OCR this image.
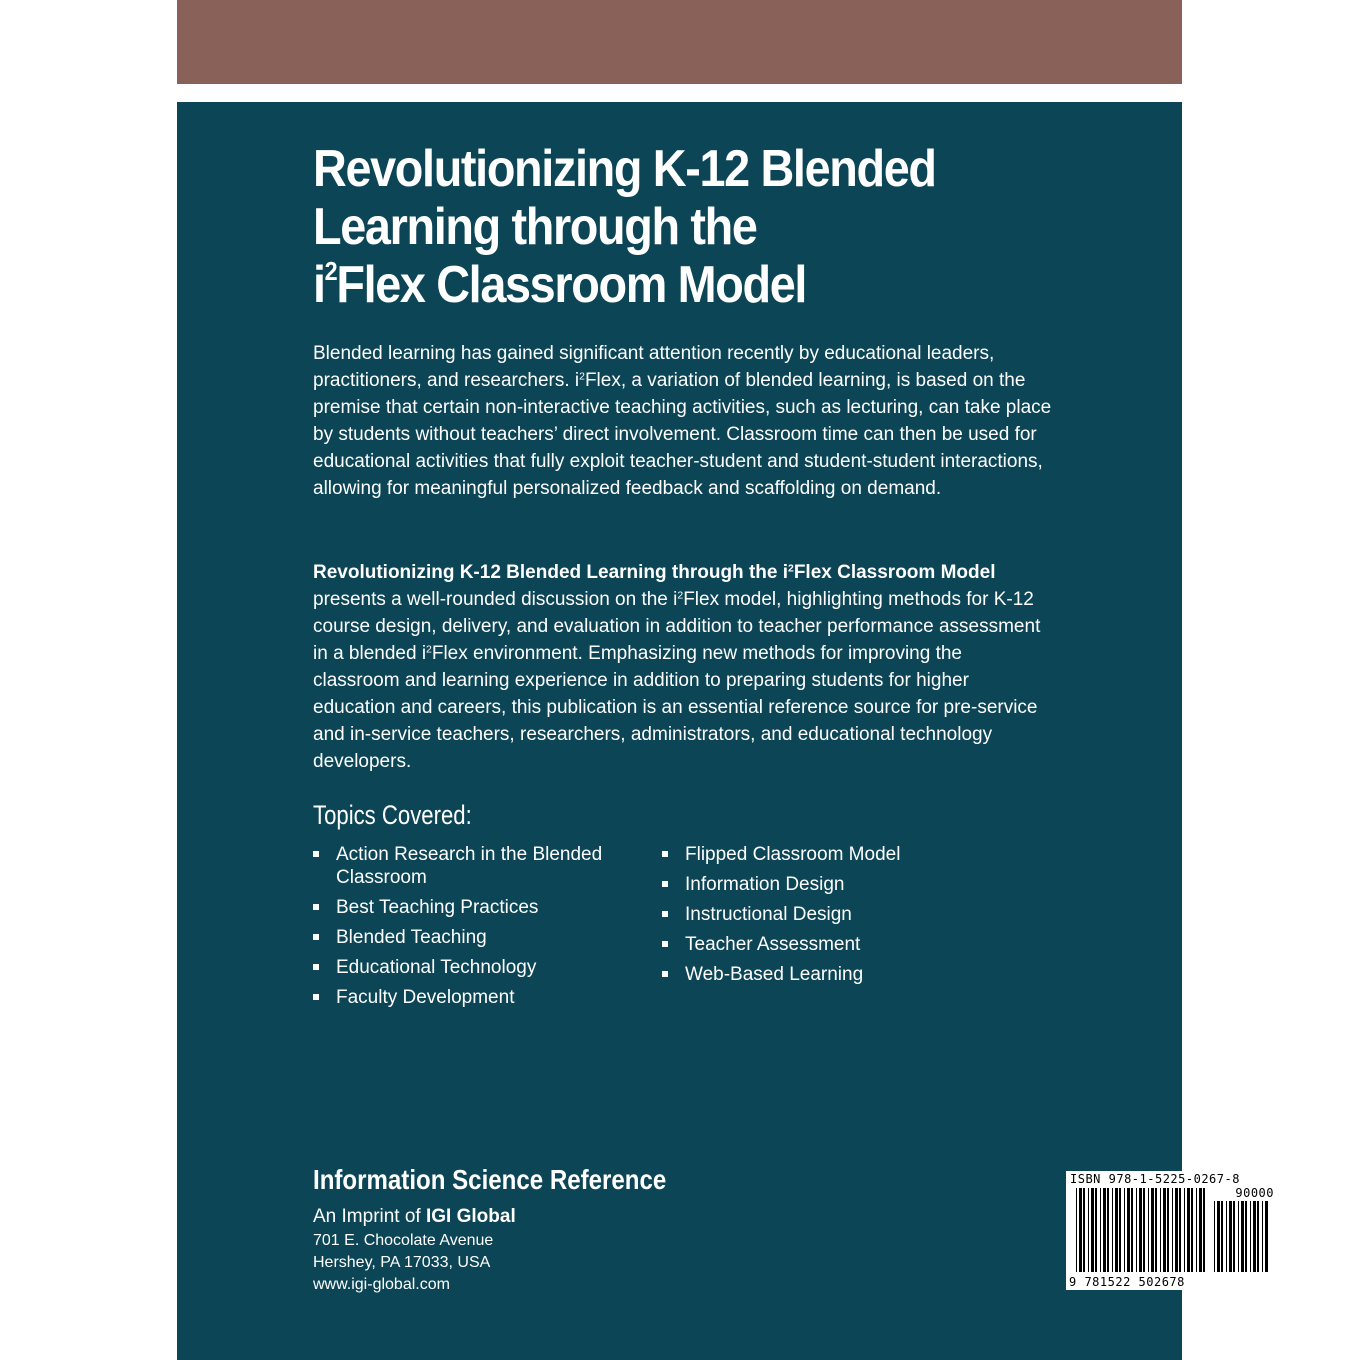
Revolutionizing K-12 Blended
Learning through the
$i^2Flex$ Classroom Model

Blended learning has gained significant attention recently by educational leaders, practitioners, and researchers. $i^2Flex$, a variation of blended learning, is based on the premise that certain non-interactive teaching activities, such as lecturing, can take place by students without teachers’ direct involvement. Classroom time can then be used for educational activities that fully exploit teacher-student and student-student interactions, allowing for meaningful personalized feedback and scaffolding on demand.

Revolutionizing K-12 Blended Learning through the $i^2Flex$ Classroom Model presents a well-rounded discussion on the $i^2Flex$ model, highlighting methods for K-12 course design, delivery, and evaluation in addition to teacher performance assessment in a blended $i^2Flex$ environment. Emphasizing new methods for improving the classroom and learning experience in addition to preparing students for higher education and careers, this publication is an essential reference source for pre-service and in-service teachers, researchers, administrators, and educational technology developers.

Topics Covered:
Action Research in the Blended Classroom
Best Teaching Practices
Blended Teaching
Educational Technology
Faculty Development
Flipped Classroom Model
Information Design
Instructional Design
Teacher Assessment
Web-Based Learning
Information Science Reference
An Imprint of IGI Global
701 E. Chocolate Avenue
Hershey, PA 17033, USA
www.igi-global.com
ISBN 978-1-5225-0267-8
90000
9 781522 502678
